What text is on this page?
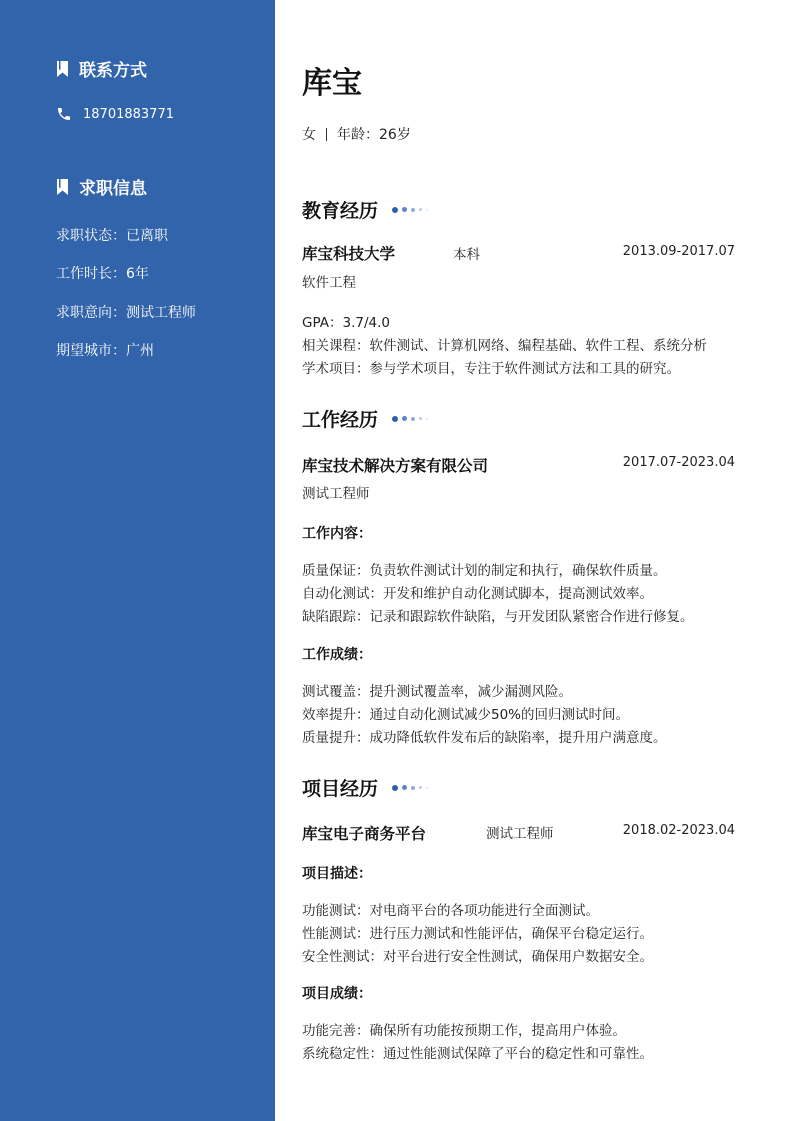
联系方式
18701883771
求职信息
求职状态：已离职
工作时长：6年
求职意向：测试工程师
期望城市：广州
库宝
女 年龄：26岁
教育经历
库宝科技大学	本科	2013.09-2017.07
软件工程
GPA：3.7/4.0
相关课程：软件测试、计算机网络、编程基础、软件工程、系统分析
学术项目：参与学术项目，专注于软件测试方法和工具的研究。
工作经历
库宝技术解决方案有限公司	2017.07-2023.04
测试工程师
工作内容：
质量保证：负责软件测试计划的制定和执行，确保软件质量。
自动化测试：开发和维护自动化测试脚本，提高测试效率。
缺陷跟踪：记录和跟踪软件缺陷，与开发团队紧密合作进行修复。
工作成绩：
测试覆盖：提升测试覆盖率，减少漏测风险。
效率提升：通过自动化测试减少50%的回归测试时间。
质量提升：成功降低软件发布后的缺陷率，提升用户满意度。
项目经历
库宝电子商务平台	测试工程师	2018.02-2023.04
项目描述：
功能测试：对电商平台的各项功能进行全面测试。
性能测试：进行压力测试和性能评估，确保平台稳定运行。
安全性测试：对平台进行安全性测试，确保用户数据安全。
项目成绩：
功能完善：确保所有功能按预期工作，提高用户体验。
系统稳定性：通过性能测试保障了平台的稳定性和可靠性。
